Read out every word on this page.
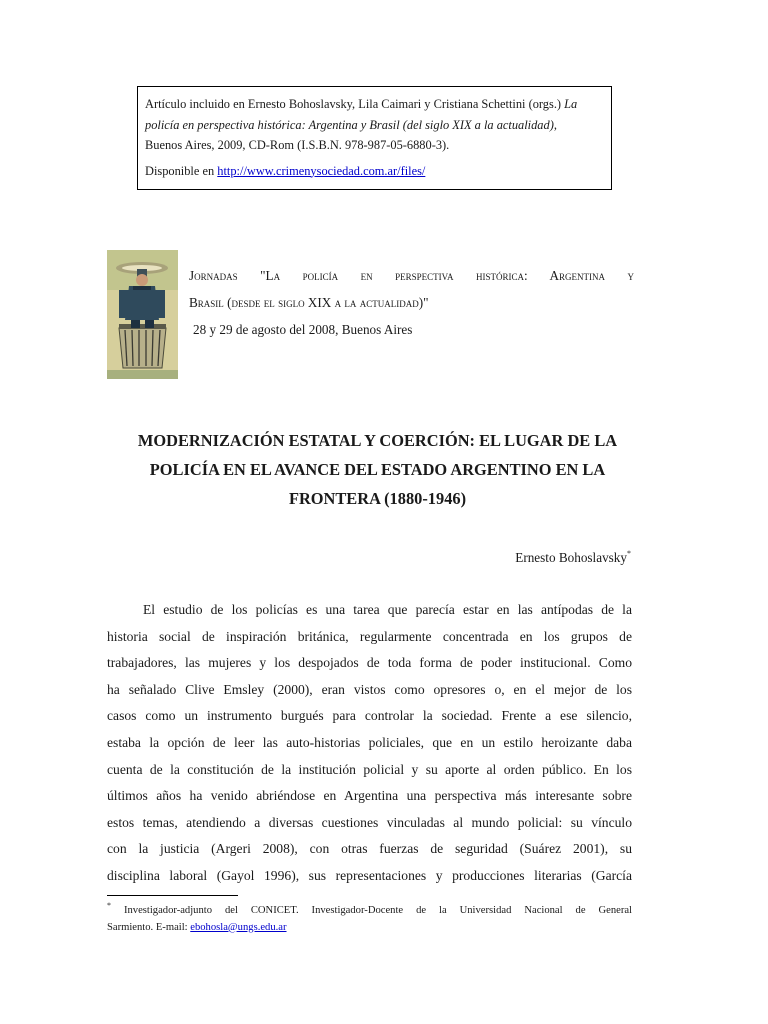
Artículo incluido en Ernesto Bohoslavsky, Lila Caimari y Cristiana Schettini (orgs.) La
policía en perspectiva histórica: Argentina y Brasil (del siglo XIX a la actualidad),
Buenos Aires, 2009, CD-Rom (I.S.B.N. 978-987-05-6880-3).

Disponible en http://www.crimenysociedad.com.ar/files/

Jornadas "La policía en perspectiva histórica: Argentina y
Brasil (desde el siglo XIX a la actualidad)"
28 y 29 de agosto del 2008, Buenos Aires
MODERNIZACIÓN ESTATAL Y COERCIÓN: EL LUGAR DE LA
POLICÍA EN EL AVANCE DEL ESTADO ARGENTINO EN LA
FRONTERA (1880-1946)
Ernesto Bohoslavsky*
El estudio de los policías es una tarea que parecía estar en las antípodas de la
historia social de inspiración británica, regularmente concentrada en los grupos de
trabajadores, las mujeres y los despojados de toda forma de poder institucional. Como
ha señalado Clive Emsley (2000), eran vistos como opresores o, en el mejor de los
casos como un instrumento burgués para controlar la sociedad. Frente a ese silencio,
estaba la opción de leer las auto-historias policiales, que en un estilo heroizante daba
cuenta de la constitución de la institución policial y su aporte al orden público. En los
últimos años ha venido abriéndose en Argentina una perspectiva más interesante sobre
estos temas, atendiendo a diversas cuestiones vinculadas al mundo policial: su vínculo
con la justicia (Argeri 2008), con otras fuerzas de seguridad (Suárez 2001), su
disciplina laboral (Gayol 1996), sus representaciones y producciones literarias (García
* Investigador-adjunto del CONICET. Investigador-Docente de la Universidad Nacional de General
Sarmiento. E-mail: ebohosla@ungs.edu.ar
